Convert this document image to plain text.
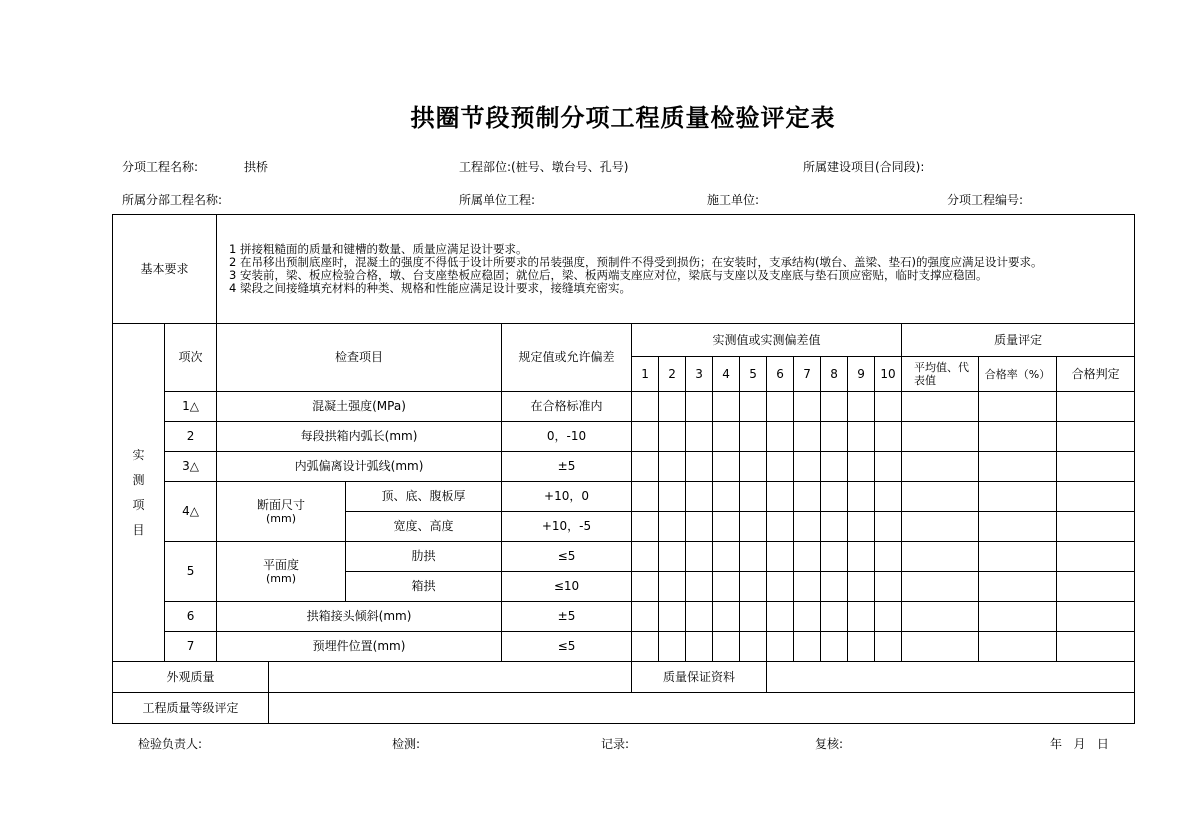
拱圈节段预制分项工程质量检验评定表
分项工程名称:	拱桥	工程部位:(桩号、墩台号、孔号)	所属建设项目(合同段):
所属分部工程名称:	所属单位工程:	施工单位:	分项工程编号:
基本要求		1 拼接粗糙面的质量和键槽的数量、质量应满足设计要求。
2 在吊移出预制底座时，混凝土的强度不得低于设计所要求的吊装强度，预制件不得受到损伤；在安装时，支承结构(墩台、盖梁、垫石)的强度应满足设计要求。
3 安装前，梁、板应检验合格，墩、台支座垫板应稳固；就位后，梁、板两端支座应对位，梁底与支座以及支座底与垫石顶应密贴，临时支撑应稳固。
4 梁段之间接缝填充材料的种类、规格和性能应满足设计要求，接缝填充密实。															

实
测
项
目	项次	检查项目		规定值或允许偏差	实测值或实测偏差值										质量评定		
					1	2	3	4	5	6	7	8	9	10	平均值、代表值	合格率（%）	合格判定
	1△	混凝土强度(MPa)		在合格标准内													
	2	每段拱箱内弧长(mm)		0，-10													
	3△	内弧偏离设计弧线(mm)		±5													
	4△	断面尺寸
(mm)	顶、底、腹板厚	+10，0													
			宽度、高度	+10，-5													
	5	平面度
(mm)	肋拱	≤5													
			箱拱	≤10													
	6	拱箱接头倾斜(mm)		±5													
	7	预埋件位置(mm)		≤5													
外观质量		质量保证资料	
工程质量等级评定			
检验负责人:	检测:	记录:	复核:	年   月   日
